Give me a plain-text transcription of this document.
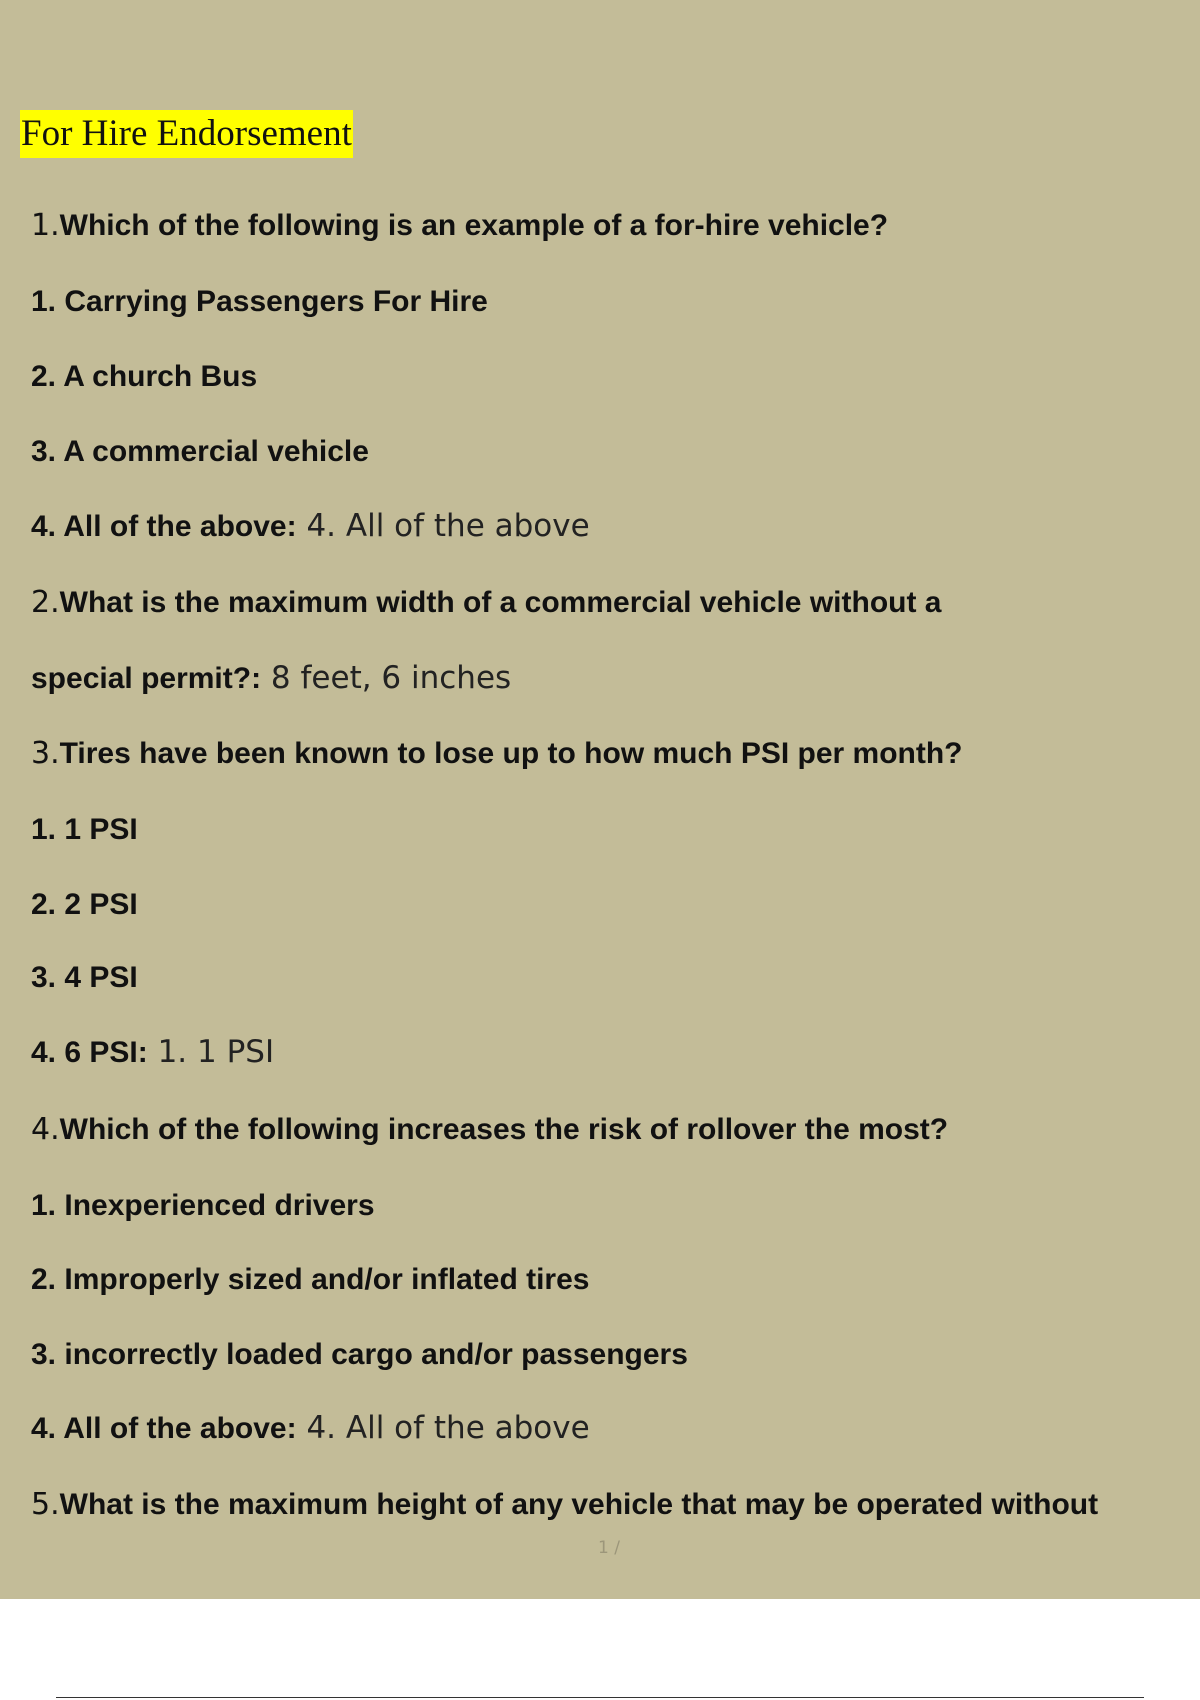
For Hire Endorsement
1.Which of the following is an example of a for-hire vehicle?
1. Carrying Passengers For Hire
2. A church Bus
3. A commercial vehicle
4. All of the above: 4. All of the above
2.What is the maximum width of a commercial vehicle without a
special permit?: 8 feet, 6 inches
3.Tires have been known to lose up to how much PSI per month?
1. 1 PSI
2. 2 PSI
3. 4 PSI
4. 6 PSI: 1. 1 PSI
4.Which of the following increases the risk of rollover the most?
1. Inexperienced drivers
2. Improperly sized and/or inflated tires
3. incorrectly loaded cargo and/or passengers
4. All of the above: 4. All of the above
5.What is the maximum height of any vehicle that may be operated without
1 /
